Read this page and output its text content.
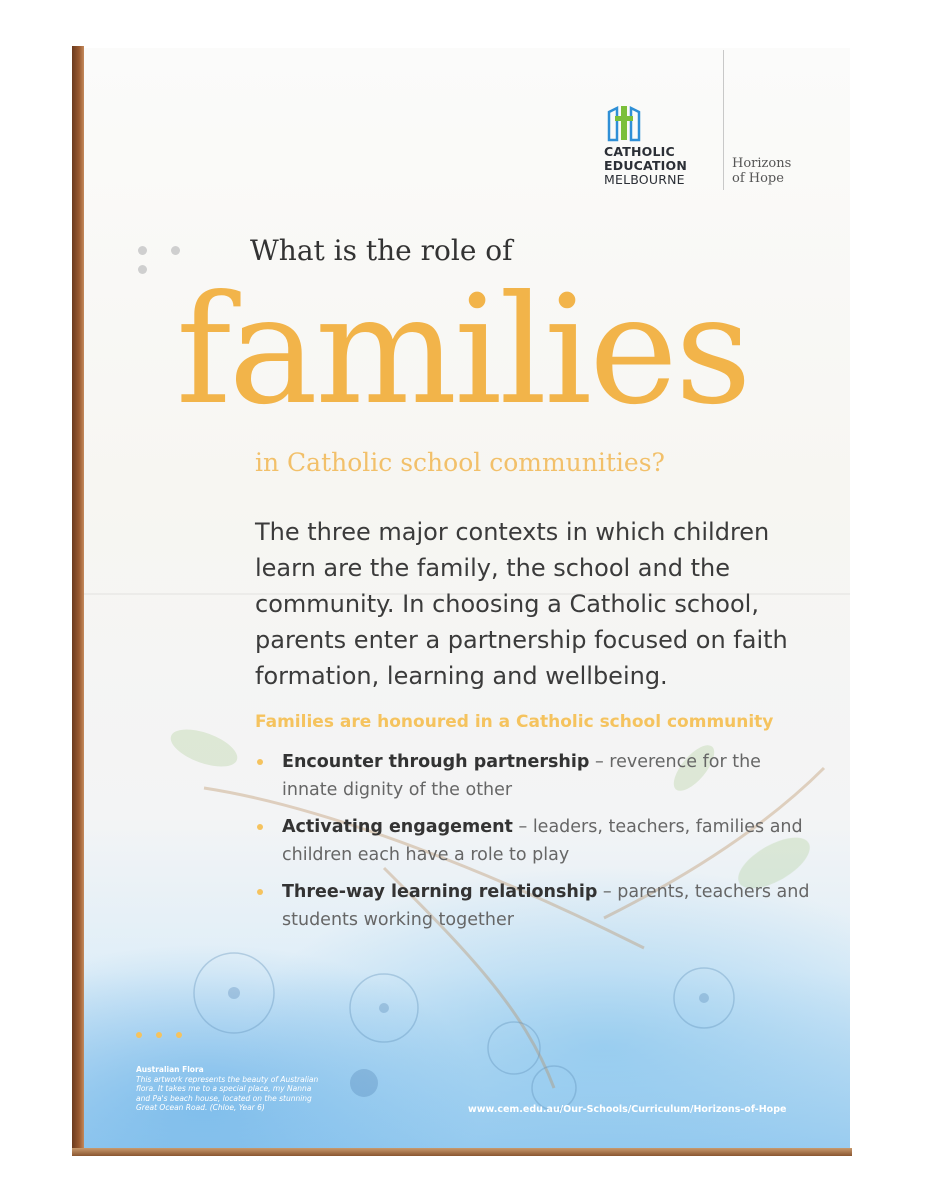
CATHOLIC
EDUCATION
MELBOURNE
Horizons
of Hope
What is the role of
families
in Catholic school communities?
The three major contexts in which children learn are the family, the school and the community. In choosing a Catholic school, parents enter a partnership focused on faith formation, learning and wellbeing.
Families are honoured in a Catholic school community
Encounter through partnership – reverence for the innate dignity of the other
Activating engagement – leaders, teachers, families and children each have a role to play
Three-way learning relationship – parents, teachers and students working together
Australian Flora
This artwork represents the beauty of Australian flora. It takes me to a special place, my Nanna and Pa's beach house, located on the stunning Great Ocean Road. (Chloe, Year 6)	www.cem.edu.au/Our-Schools/Curriculum/Horizons-of-Hope
